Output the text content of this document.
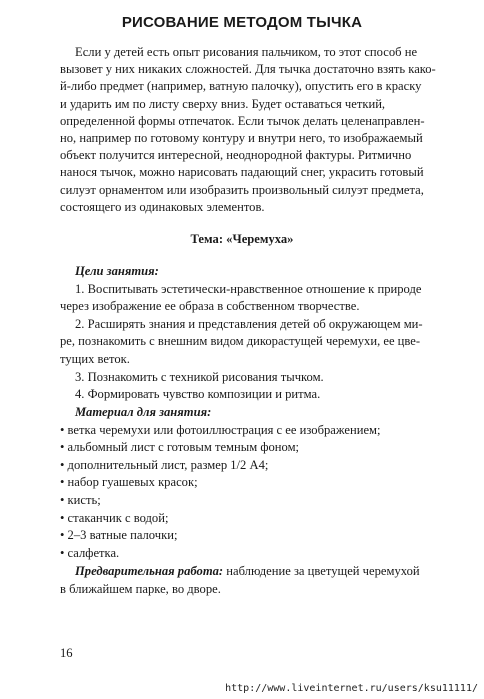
РИСОВАНИЕ МЕТОДОМ ТЫЧКА
Если у детей есть опыт рисования пальчиком, то этот способ не
вызовет у них никаких сложностей. Для тычка достаточно взять како-
й-либо предмет (например, ватную палочку), опустить его в краску
и ударить им по листу сверху вниз. Будет оставаться четкий,
определенной формы отпечаток. Если тычок делать целенаправлен-
но, например по готовому контуру и внутри него, то изображаемый
объект получится интересной, неоднородной фактуры. Ритмично
нанося тычок, можно нарисовать падающий снег, украсить готовый
силуэт орнаментом или изобразить произвольный силуэт предмета,
состоящего из одинаковых элементов.
Тема: «Черемуха»
Цели занятия:
1. Воспитывать эстетически-нравственное отношение к природе
через изображение ее образа в собственном творчестве.
2. Расширять знания и представления детей об окружающем ми-
ре, познакомить с внешним видом дикорастущей черемухи, ее цве-
тущих веток.
3. Познакомить с техникой рисования тычком.
4. Формировать чувство композиции и ритма.
Материал для занятия:
• ветка черемухи или фотоиллюстрация с ее изображением;
• альбомный лист с готовым темным фоном;
• дополнительный лист, размер 1/2 А4;
• набор гуашевых красок;
• кисть;
• стаканчик с водой;
• 2–3 ватные палочки;
• салфетка.
Предварительная работа: наблюдение за цветущей черемухой
в ближайшем парке, во дворе.
16
http://www.liveinternet.ru/users/ksu11111/
